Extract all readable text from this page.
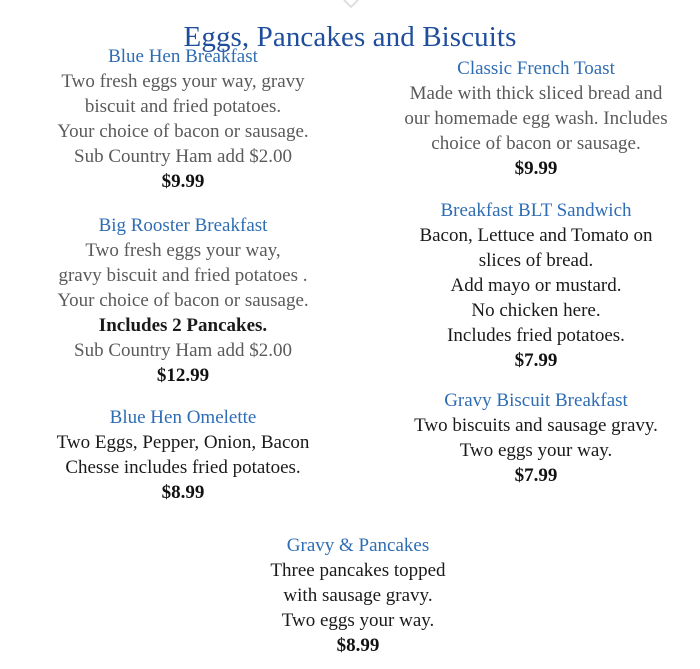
Eggs, Pancakes and Biscuits
Blue Hen Breakfast
Two fresh eggs your way, gravy
biscuit and fried potatoes.
Your choice of bacon or sausage.
Sub Country Ham add $2.00
$9.99
Big Rooster Breakfast
Two fresh eggs your way,
gravy biscuit and fried potatoes .
Your choice of bacon or sausage.
Includes 2 Pancakes.
Sub Country Ham add $2.00
$12.99
Blue Hen Omelette
Two Eggs, Pepper, Onion, Bacon
Chesse includes fried potatoes.
$8.99
Classic French Toast
Made with thick sliced bread and
our homemade egg wash. Includes
choice of bacon or sausage.
$9.99
Breakfast BLT Sandwich
Bacon, Lettuce and Tomato on
slices of bread.
Add mayo or mustard.
No chicken here.
Includes fried potatoes.
$7.99
Gravy Biscuit Breakfast
Two biscuits and sausage gravy.
Two eggs your way.
$7.99
Gravy & Pancakes
Three pancakes topped
with sausage gravy.
Two eggs your way.
$8.99
